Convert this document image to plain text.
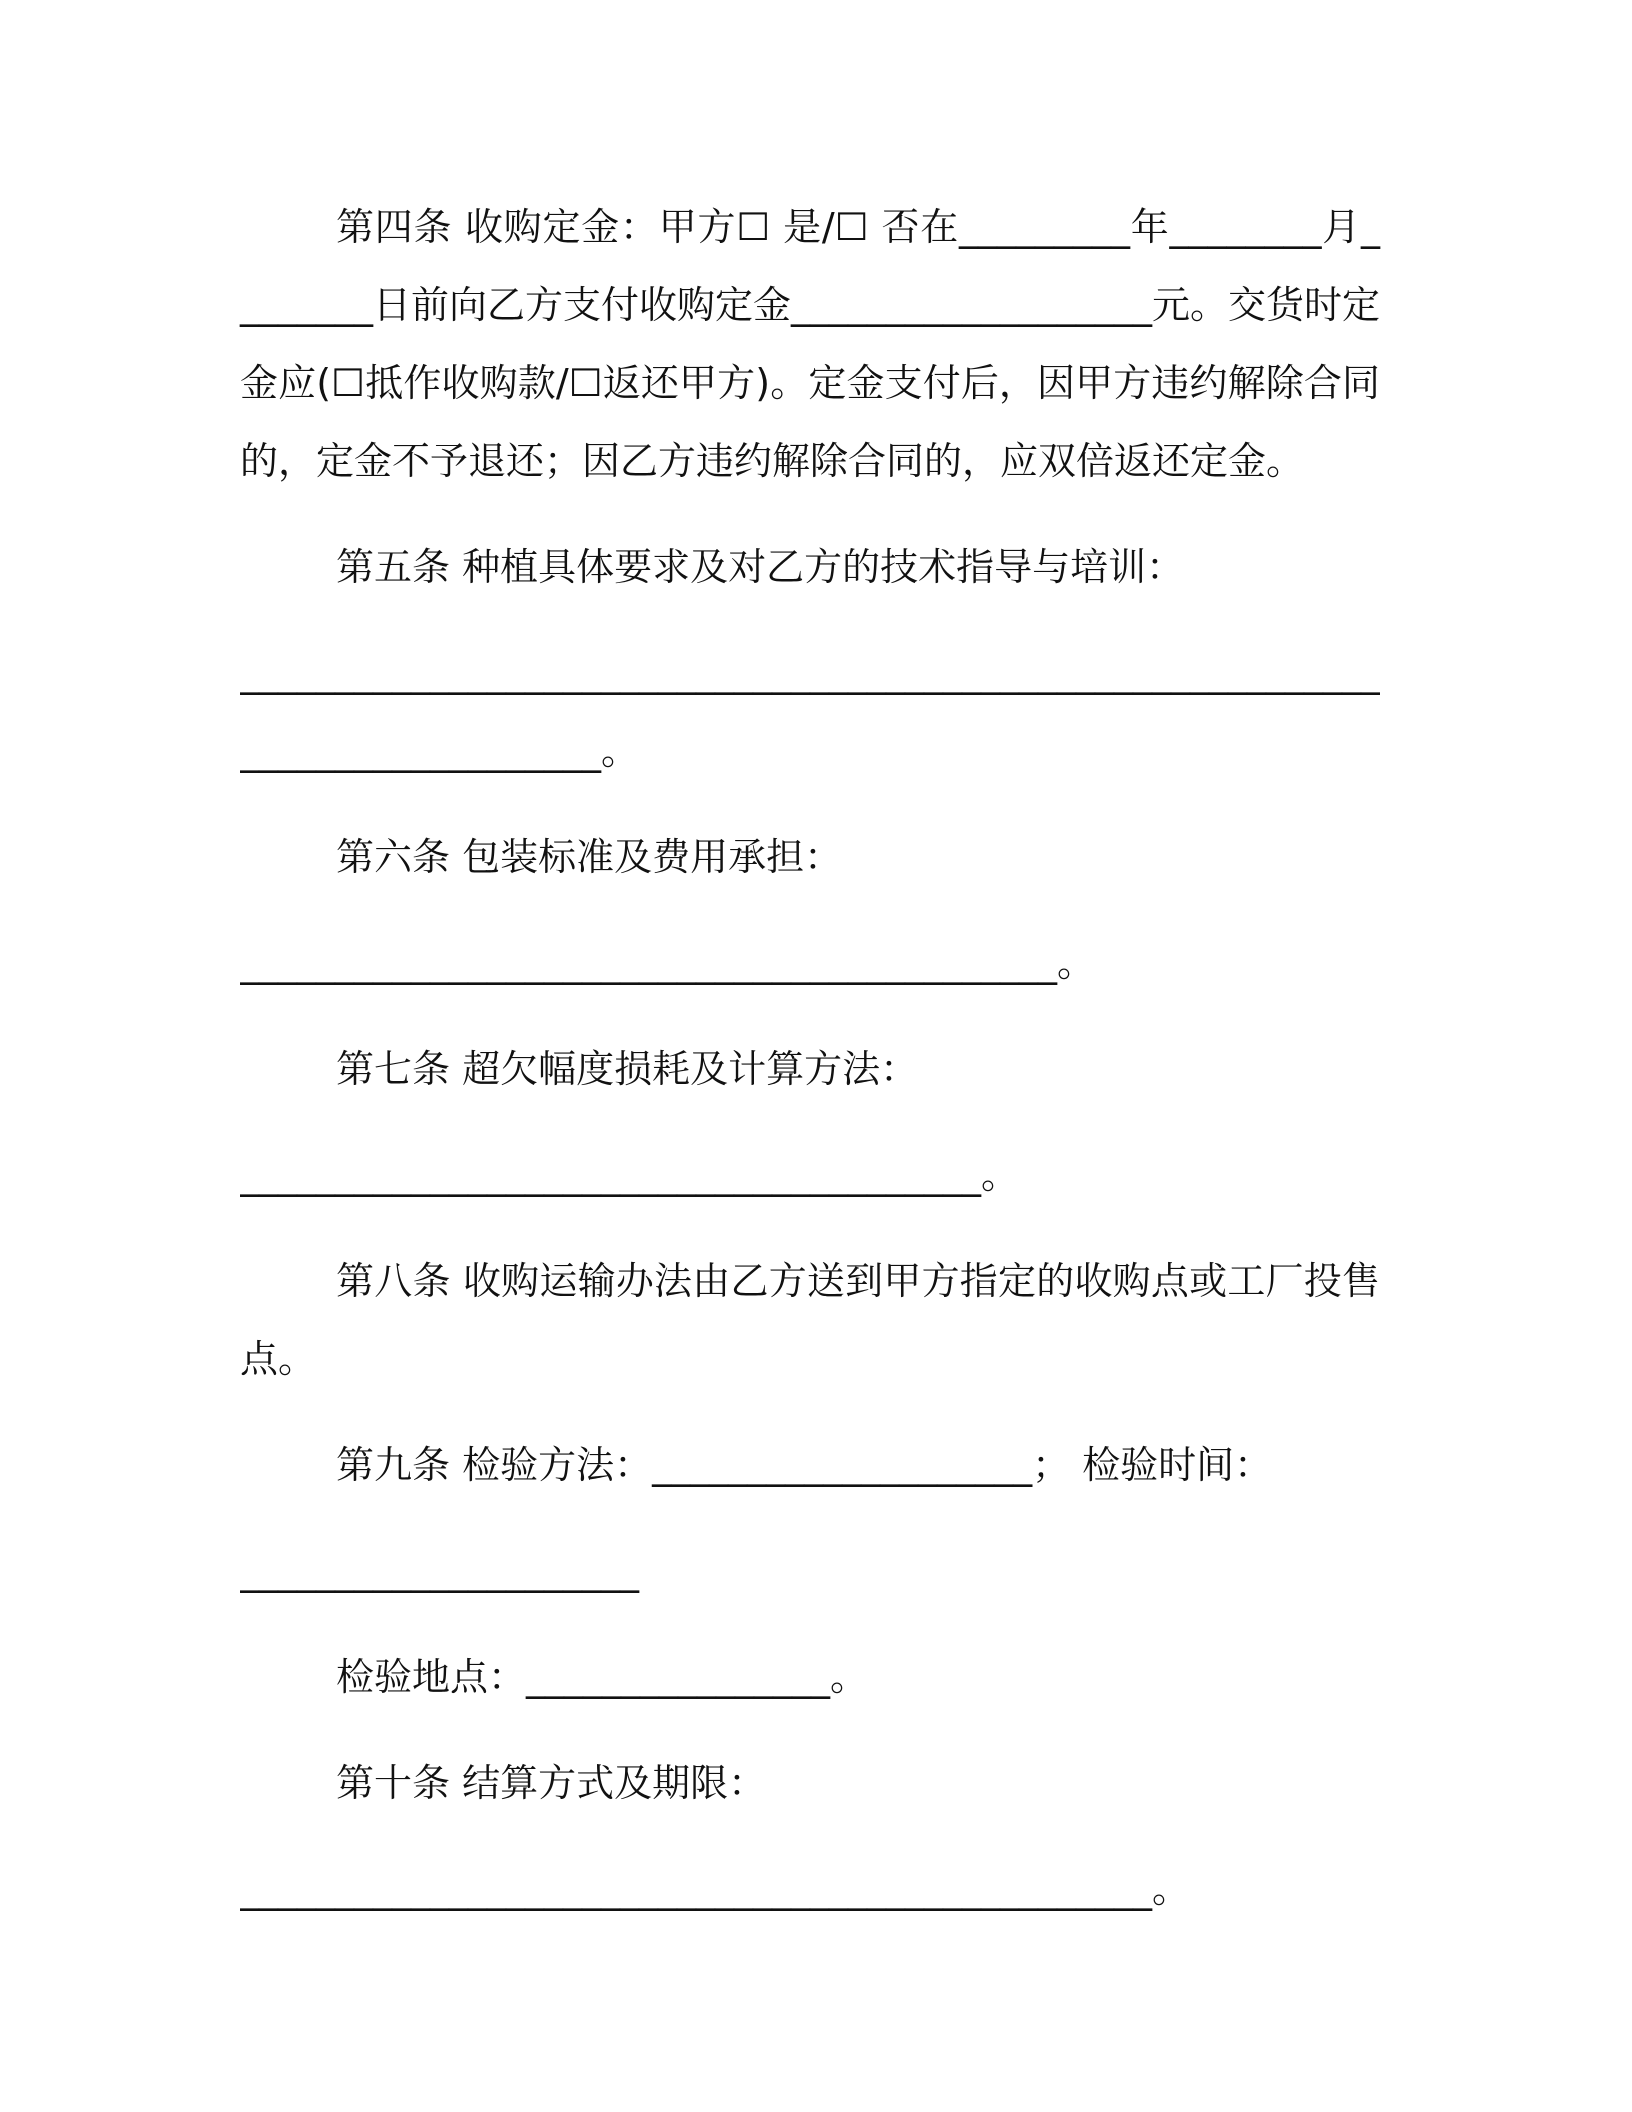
第四条 收购定金：甲方☐ 是/☐ 否在_________年________月________日前向乙方支付收购定金___________________元。交货时定金应(☐抵作收购款/☐返还甲方)。定金支付后，因甲方违约解除合同的，定金不予退还；因乙方违约解除合同的，应双倍返还定金。

第五条 种植具体要求及对乙方的技术指导与培训：

____________________________________________________________

___________________。

第六条 包装标准及费用承担：

___________________________________________。

第七条 超欠幅度损耗及计算方法：

_______________________________________。

第八条 收购运输办法由乙方送到甲方指定的收购点或工厂投售点。

第九条 检验方法：____________________； 检验时间：

_____________________

检验地点：________________。

第十条 结算方式及期限：

________________________________________________。
